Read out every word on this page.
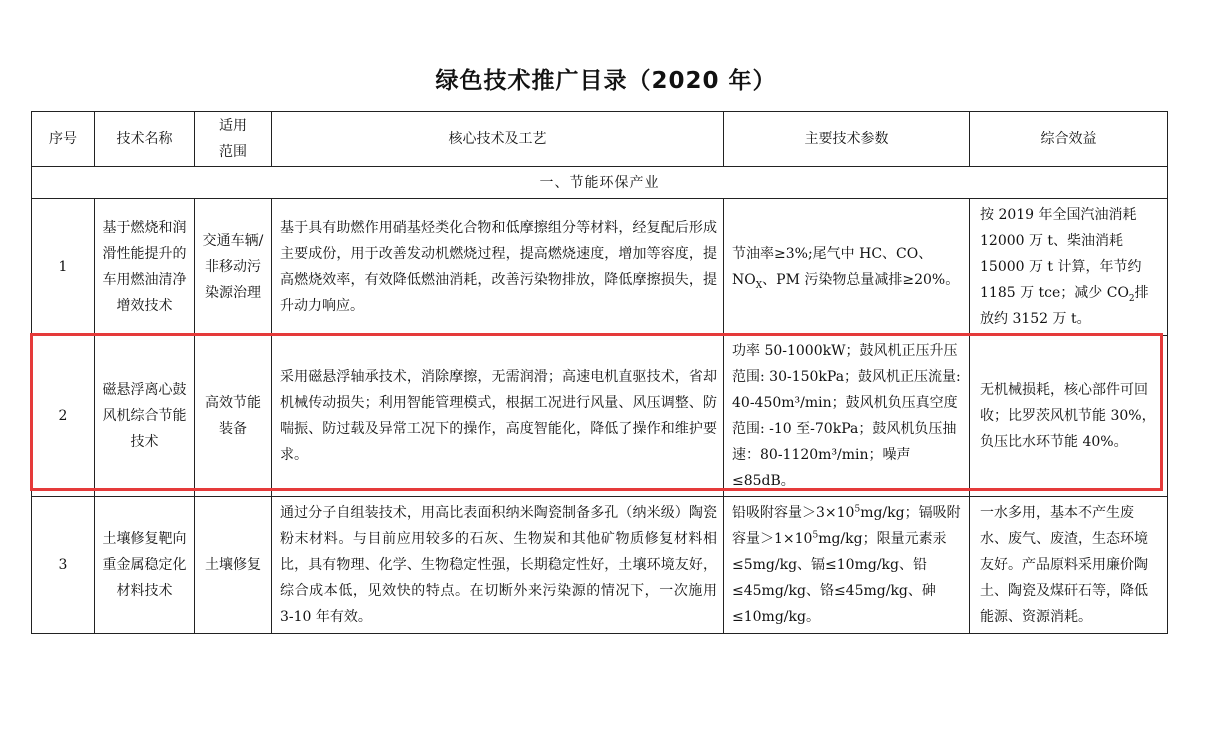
绿色技术推广目录（2020 年）
序号	技术名称	适用范围	核心技术及工艺	主要技术参数	综合效益
一、节能环保产业					
1	基于燃烧和润滑性能提升的车用燃油清净增效技术	交通车辆/非移动污染源治理	基于具有助燃作用硝基烃类化合物和低摩擦组分等材料，经复配后形成主要成份，用于改善发动机燃烧过程，提高燃烧速度，增加等容度，提高燃烧效率，有效降低燃油消耗，改善污染物排放，降低摩擦损失，提升动力响应。	节油率≥3%;尾气中 HC、CO、$NO_X$、PM 污染物总量减排≥20%。	按 2019 年全国汽油消耗 12000 万 t、柴油消耗 15000 万 t 计算，年节约 1185 万 tce；减少 $CO_2$排放约 3152 万 t。
2	磁悬浮离心鼓风机综合节能技术	高效节能装备	采用磁悬浮轴承技术，消除摩擦，无需润滑；高速电机直驱技术，省却机械传动损失；利用智能管理模式，根据工况进行风量、风压调整、防喘振、防过载及异常工况下的操作，高度智能化，降低了操作和维护要求。	功率 50-1000kW；鼓风机正压升压范围: 30-150kPa；鼓风机正压流量: 40-450m³/min；鼓风机负压真空度范围: -10 至-70kPa；鼓风机负压抽速：80-1120m³/min；噪声≤85dB。	无机械损耗，核心部件可回收；比罗茨风机节能 30%，负压比水环节能 40%。
3	土壤修复靶向重金属稳定化材料技术	土壤修复	通过分子自组装技术，用高比表面积纳米陶瓷制备多孔（纳米级）陶瓷粉末材料。与目前应用较多的石灰、生物炭和其他矿物质修复材料相比，具有物理、化学、生物稳定性强，长期稳定性好，土壤环境友好，综合成本低，见效快的特点。在切断外来污染源的情况下，一次施用 3-10 年有效。	铅吸附容量$>3\times 10^5mg/kg$；镉吸附容量$>1\times 10^5mg/kg$；限量元素汞≤5mg/kg、镉≤10mg/kg、铅≤45mg/kg、铬≤45mg/kg、砷≤10mg/kg。	一水多用，基本不产生废水、废气、废渣，生态环境友好。产品原料采用廉价陶土、陶瓷及煤矸石等，降低能源、资源消耗。
